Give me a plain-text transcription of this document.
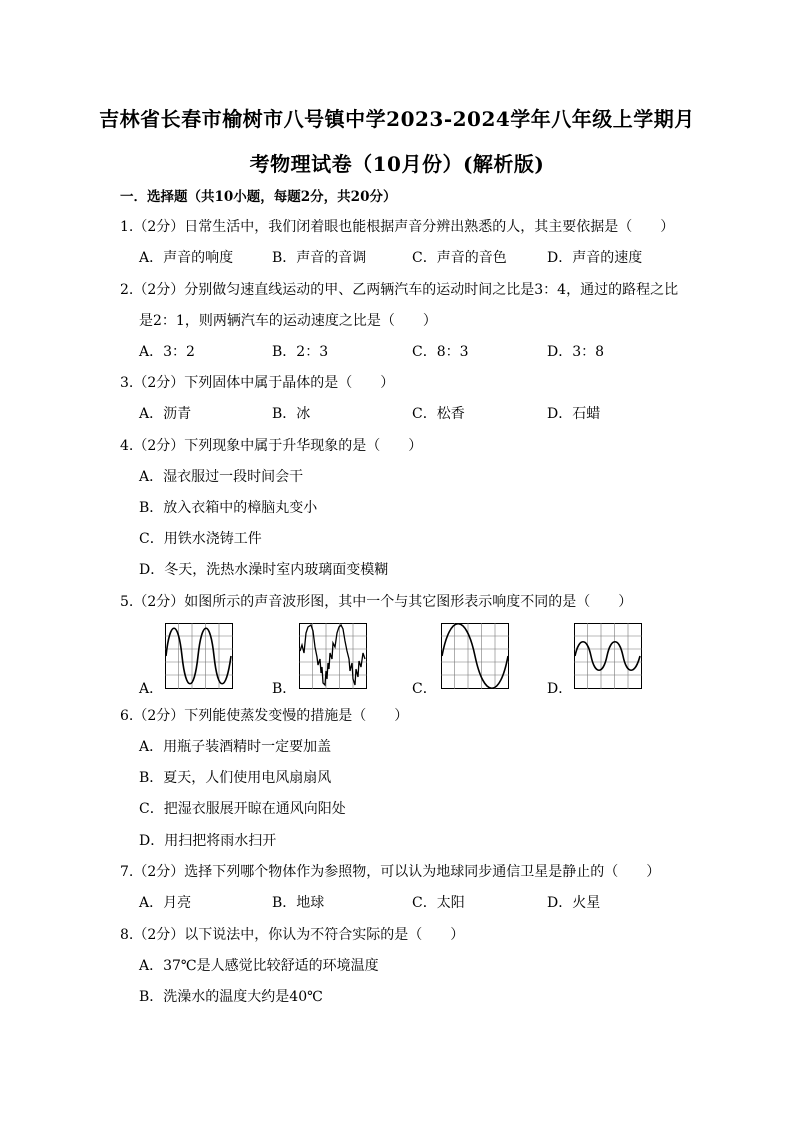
吉林省长春市榆树市八号镇中学2023-2024学年八年级上学期月
考物理试卷（10月份）(解析版)
一．选择题（共10小题，每题2分，共20分）
1.（2分）日常生活中，我们闭着眼也能根据声音分辨出熟悉的人，其主要依据是（　　）
A．声音的响度	B．声音的音调	C．声音的音色	D．声音的速度
2.（2分）分别做匀速直线运动的甲、乙两辆汽车的运动时间之比是3：4，通过的路程之比
是2：1，则两辆汽车的运动速度之比是（　　）
A．3：2	B．2：3	C．8：3	D．3：8
3.（2分）下列固体中属于晶体的是（　　）
A．沥青	B．冰	C．松香	D．石蜡
4.（2分）下列现象中属于升华现象的是（　　）
A．湿衣服过一段时间会干
B．放入衣箱中的樟脑丸变小
C．用铁水浇铸工件
D．冬天，洗热水澡时室内玻璃面变模糊
5.（2分）如图所示的声音波形图，其中一个与其它图形表示响度不同的是（　　）
A．	B．	C．	D．
6.（2分）下列能使蒸发变慢的措施是（　　）
A．用瓶子装酒精时一定要加盖
B．夏天，人们使用电风扇扇风
C．把湿衣服展开晾在通风向阳处
D．用扫把将雨水扫开
7.（2分）选择下列哪个物体作为参照物，可以认为地球同步通信卫星是静止的（　　）
A．月亮	B．地球	C．太阳	D．火星
8.（2分）以下说法中，你认为不符合实际的是（　　）
A．37℃是人感觉比较舒适的环境温度
B．洗澡水的温度大约是40℃
